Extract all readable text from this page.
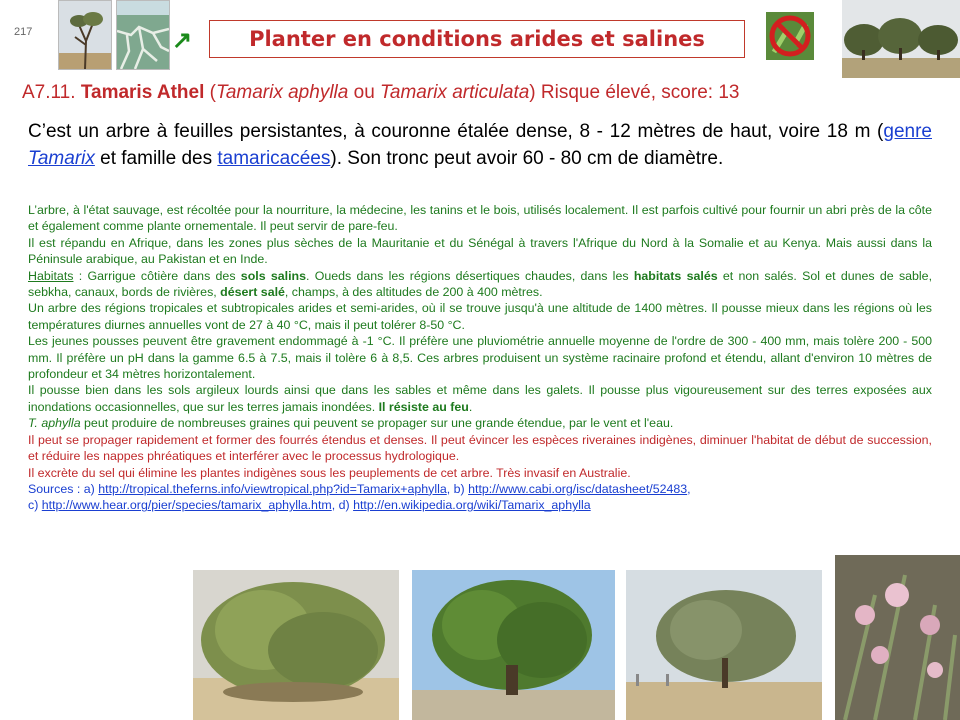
217	↗	Planter en conditions arides et salines
A7.11. Tamaris Athel (Tamarix aphylla ou Tamarix articulata) Risque élevé, score: 13
C’est un arbre à feuilles persistantes, à couronne étalée dense, 8 - 12 mètres de haut, voire 18 m (genre Tamarix et famille des tamaricacées). Son tronc peut avoir 60 - 80 cm de diamètre.

L’arbre, à l'état sauvage, est récoltée pour la nourriture, la médecine, les tanins et le bois, utilisés localement. Il est parfois cultivé pour fournir un abri près de la côte et également comme plante ornementale. Il peut servir de pare-feu.

Il est répandu en Afrique, dans les zones plus sèches de la Mauritanie et du Sénégal à travers l'Afrique du Nord à la Somalie et au Kenya. Mais aussi dans la Péninsule arabique, au Pakistan et en Inde.

Habitats : Garrigue côtière dans des sols salins. Oueds dans les régions désertiques chaudes, dans les habitats salés et non salés. Sol et dunes de sable, sebkha, canaux, bords de rivières, désert salé, champs, à des altitudes de 200 à 400 mètres.

Un arbre des régions tropicales et subtropicales arides et semi-arides, où il se trouve jusqu'à une altitude de 1400 mètres. Il pousse mieux dans les régions où les températures diurnes annuelles vont de 27 à 40 °C, mais il peut tolérer 8-50 °C.

Les jeunes pousses peuvent être gravement endommagé à -1 °C. Il préfère une pluviométrie annuelle moyenne de l'ordre de 300 - 400 mm, mais tolère 200 - 500 mm. Il préfère un pH dans la gamme 6.5 à 7.5, mais il tolère 6 à 8,5. Ces arbres produisent un système racinaire profond et étendu, allant d'environ 10 mètres de profondeur et 34 mètres horizontalement.

Il pousse bien dans les sols argileux lourds ainsi que dans les sables et même dans les galets. Il pousse plus vigoureusement sur des terres exposées aux inondations occasionnelles, que sur les terres jamais inondées. Il résiste au feu.

T. aphylla peut produire de nombreuses graines qui peuvent se propager sur une grande étendue, par le vent et l'eau.

Il peut se propager rapidement et former des fourrés étendus et denses. Il peut évincer les espèces riveraines indigènes, diminuer l'habitat de début de succession, et réduire les nappes phréatiques et interférer avec le processus hydrologique.

Il excrète du sel qui élimine les plantes indigènes sous les peuplements de cet arbre. Très invasif en Australie.

Sources : a) http://tropical.theferns.info/viewtropical.php?id=Tamarix+aphylla, b) http://www.cabi.org/isc/datasheet/52483,

c) http://www.hear.org/pier/species/tamarix_aphylla.htm, d) http://en.wikipedia.org/wiki/Tamarix_aphylla
